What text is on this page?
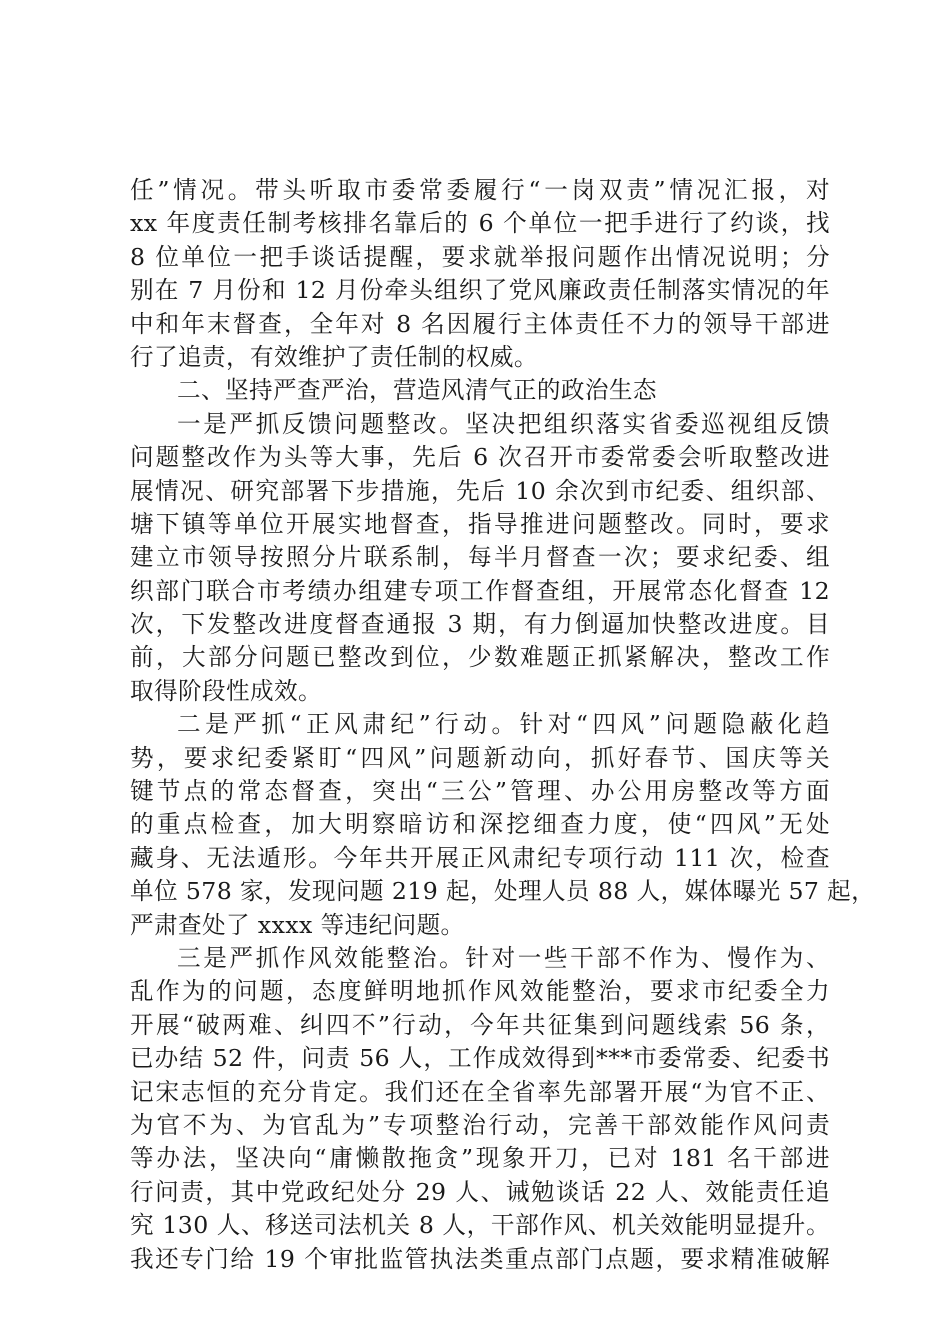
任”情况。带头听取市委常委履行“一岗双责”情况汇报，对
xx 年度责任制考核排名靠后的 6 个单位一把手进行了约谈，找
8 位单位一把手谈话提醒，要求就举报问题作出情况说明；分
别在 7 月份和 12 月份牵头组织了党风廉政责任制落实情况的年
中和年末督查，全年对 8 名因履行主体责任不力的领导干部进
行了追责，有效维护了责任制的权威。
二、坚持严查严治，营造风清气正的政治生态
一是严抓反馈问题整改。坚决把组织落实省委巡视组反馈
问题整改作为头等大事，先后 6 次召开市委常委会听取整改进
展情况、研究部署下步措施，先后 10 余次到市纪委、组织部、
塘下镇等单位开展实地督查，指导推进问题整改。同时，要求
建立市领导按照分片联系制，每半月督查一次；要求纪委、组
织部门联合市考绩办组建专项工作督查组，开展常态化督查 12
次，下发整改进度督查通报 3 期，有力倒逼加快整改进度。目
前，大部分问题已整改到位，少数难题正抓紧解决，整改工作
取得阶段性成效。
二是严抓“正风肃纪”行动。针对“四风”问题隐蔽化趋
势，要求纪委紧盯“四风”问题新动向，抓好春节、国庆等关
键节点的常态督查，突出“三公”管理、办公用房整改等方面
的重点检查，加大明察暗访和深挖细查力度，使“四风”无处
藏身、无法遁形。今年共开展正风肃纪专项行动 111 次，检查
单位 578 家，发现问题 219 起，处理人员 88 人，媒体曝光 57 起，
严肃查处了 xxxx 等违纪问题。
三是严抓作风效能整治。针对一些干部不作为、慢作为、
乱作为的问题，态度鲜明地抓作风效能整治，要求市纪委全力
开展“破两难、纠四不”行动，今年共征集到问题线索 56 条，
已办结 52 件，问责 56 人，工作成效得到***市委常委、纪委书
记宋志恒的充分肯定。我们还在全省率先部署开展“为官不正、
为官不为、为官乱为”专项整治行动，完善干部效能作风问责
等办法，坚决向“庸懒散拖贪”现象开刀，已对 181 名干部进
行问责，其中党政纪处分 29 人、诫勉谈话 22 人、效能责任追
究 130 人、移送司法机关 8 人，干部作风、机关效能明显提升。
我还专门给 19 个审批监管执法类重点部门点题，要求精准破解
